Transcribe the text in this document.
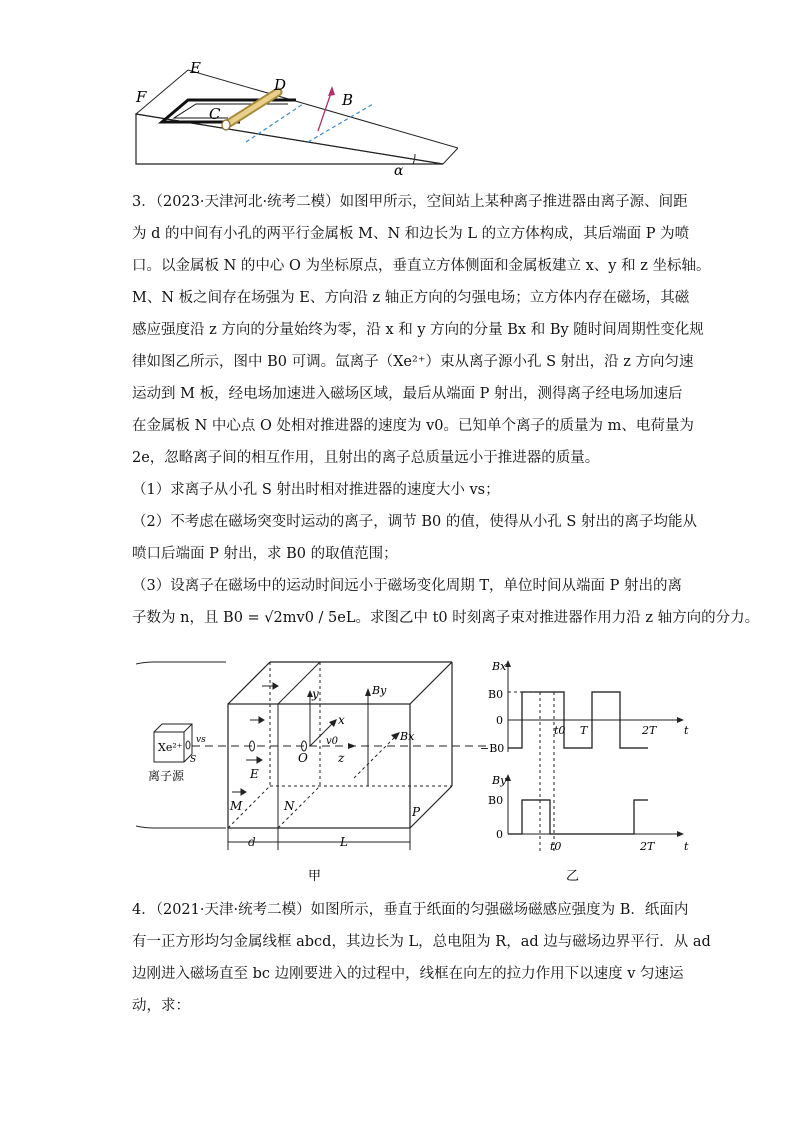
E
F
D
C
B
α
3．（2023·天津河北·统考二模）如图甲所示，空间站上某种离子推进器由离子源、间距
为 d 的中间有小孔的两平行金属板 M、N 和边长为 L 的立方体构成，其后端面 P 为喷
口。以金属板 N 的中心 O 为坐标原点，垂直立方体侧面和金属板建立 x、y 和 z 坐标轴。
M、N 板之间存在场强为 E、方向沿 z 轴正方向的匀强电场；立方体内存在磁场，其磁
感应强度沿 z 方向的分量始终为零，沿 x 和 y 方向的分量 Bx 和 By 随时间周期性变化规
律如图乙所示，图中 B0 可调。氙离子（Xe²⁺）束从离子源小孔 S 射出，沿 z 方向匀速
运动到 M 板，经电场加速进入磁场区域，最后从端面 P 射出，测得离子经电场加速后
在金属板 N 中心点 O 处相对推进器的速度为 v0。已知单个离子的质量为 m、电荷量为
2e，忽略离子间的相互作用，且射出的离子总质量远小于推进器的质量。
（1）求离子从小孔 S 射出时相对推进器的速度大小 vs；
（2）不考虑在磁场突变时运动的离子，调节 B0 的值，使得从小孔 S 射出的离子均能从
喷口后端面 P 射出，求 B0 的取值范围；
（3）设离子在磁场中的运动时间远小于磁场变化周期 T，单位时间从端面 P 射出的离
子数为 n，且 B0 = √2mv0 / 5eL。求图乙中 t0 时刻离子束对推进器作用力沿 z 轴方向的分力。
Xe²⁺
S
vs
离子源	E
y
x
v0
O	z
By
Bx
M	N	P
d	L
甲
Bx
B0
0
−B0
t
t0 T	2T
By
B0
0
t
t0	2T
乙
4．（2021·天津·统考二模）如图所示，垂直于纸面的匀强磁场磁感应强度为 B．纸面内
有一正方形均匀金属线框 abcd，其边长为 L，总电阻为 R，ad 边与磁场边界平行．从 ad
边刚进入磁场直至 bc 边刚要进入的过程中，线框在向左的拉力作用下以速度 v 匀速运
动，求：
